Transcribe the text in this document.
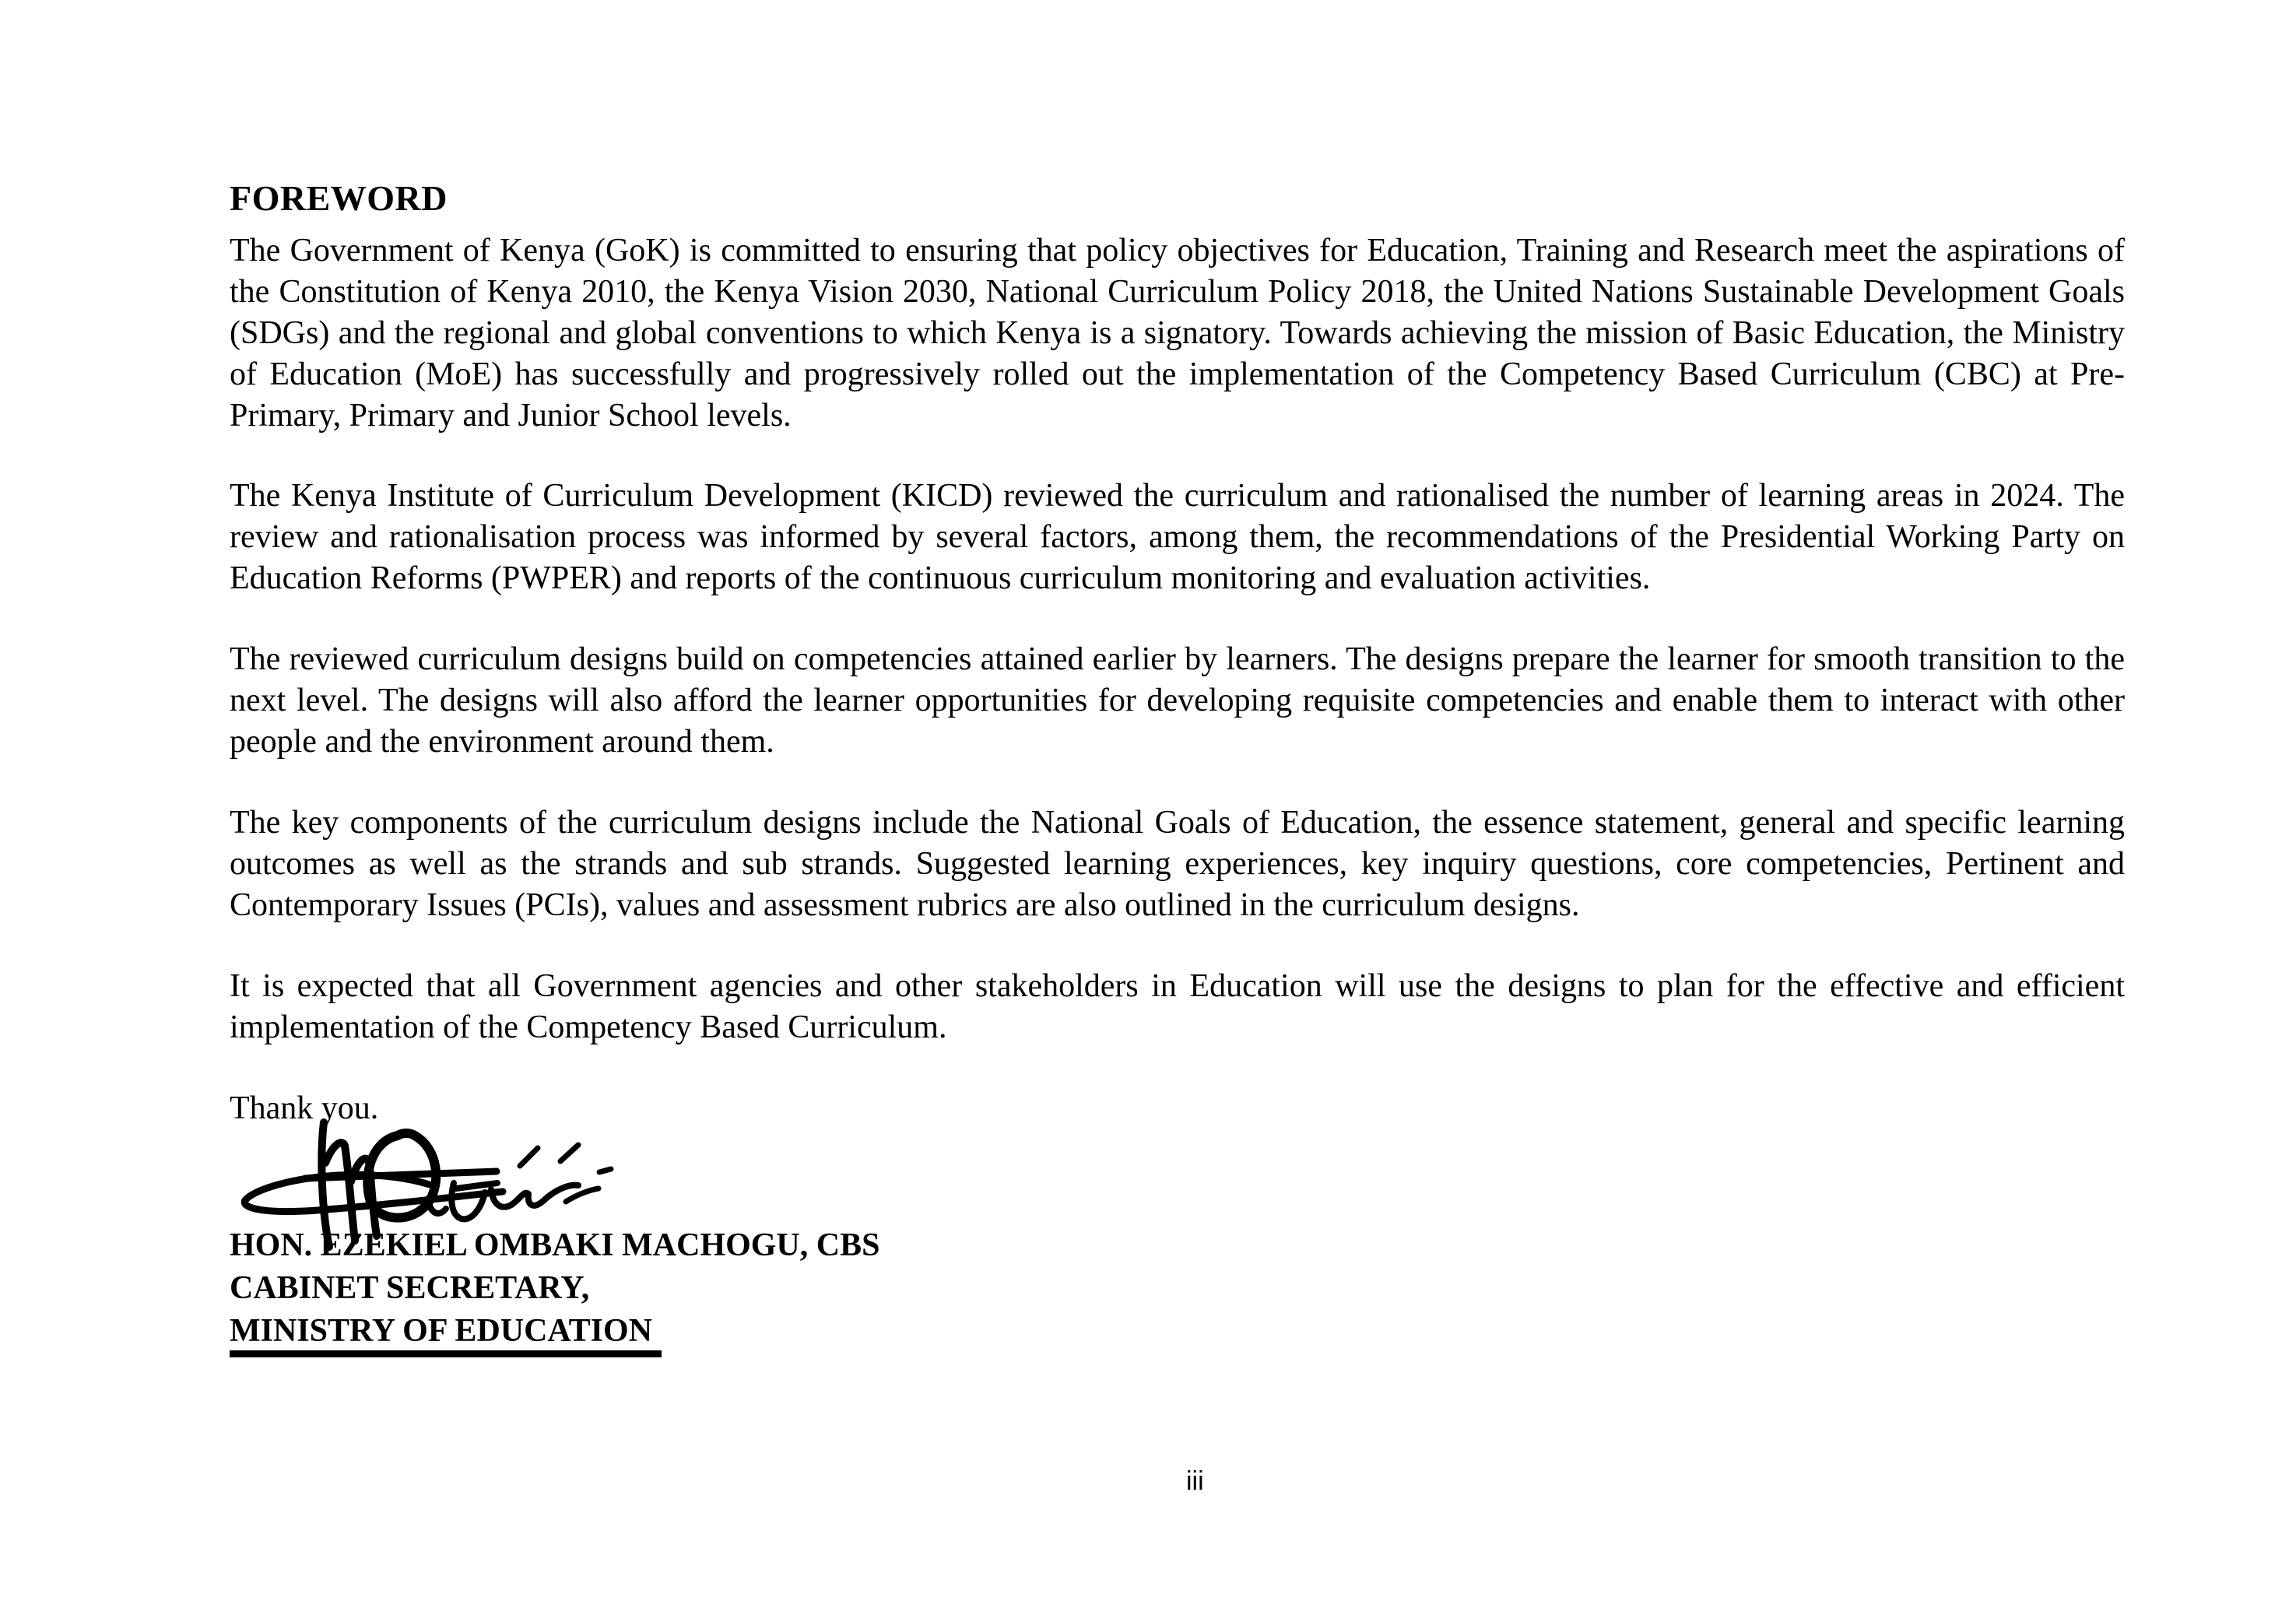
FOREWORD

The Government of Kenya (GoK) is committed to ensuring that policy objectives for Education, Training and Research meet the aspirations of the Constitution of Kenya 2010, the Kenya Vision 2030, National Curriculum Policy 2018, the United Nations Sustainable Development Goals (SDGs) and the regional and global conventions to which Kenya is a signatory. Towards achieving the mission of Basic Education, the Ministry of Education (MoE) has successfully and progressively rolled out the implementation of the Competency Based Curriculum (CBC) at Pre-Primary, Primary and Junior School levels.

The Kenya Institute of Curriculum Development (KICD) reviewed the curriculum and rationalised the number of learning areas in 2024. The review and rationalisation process was informed by several factors, among them, the recommendations of the Presidential Working Party on Education Reforms (PWPER) and reports of the continuous curriculum monitoring and evaluation activities.

The reviewed curriculum designs build on competencies attained earlier by learners. The designs prepare the learner for smooth transition to the next level. The designs will also afford the learner opportunities for developing requisite competencies and enable them to interact with other people and the environment around them.

The key components of the curriculum designs include the National Goals of Education, the essence statement, general and specific learning outcomes as well as the strands and sub strands. Suggested learning experiences, key inquiry questions, core competencies, Pertinent and Contemporary Issues (PCIs), values and assessment rubrics are also outlined in the curriculum designs.

It is expected that all Government agencies and other stakeholders in Education will use the designs to plan for the effective and efficient implementation of the Competency Based Curriculum.

Thank you.
HON. EZEKIEL OMBAKI MACHOGU, CBS
CABINET SECRETARY,
MINISTRY OF EDUCATION
iii
